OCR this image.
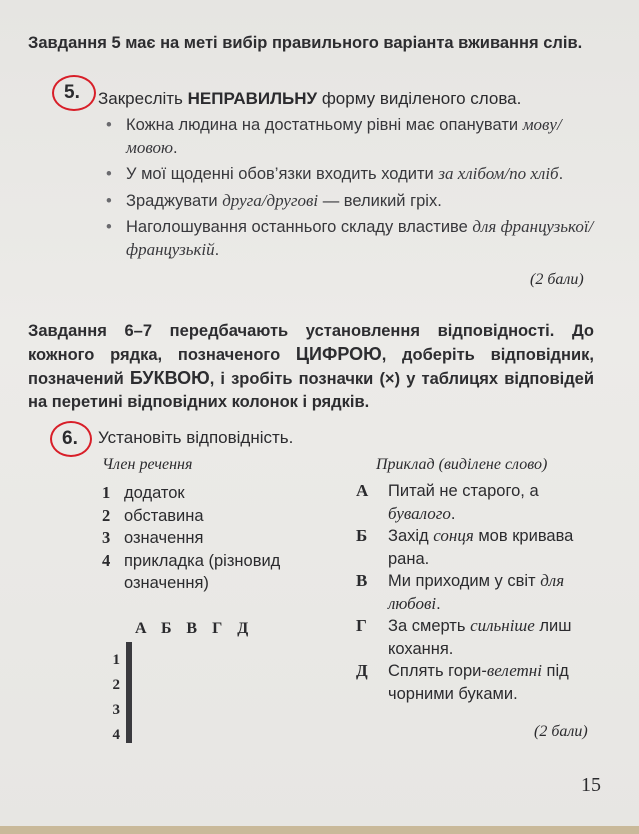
Завдання 5 має на меті вибір правильного варіанта вживання слів.
5. Закресліть НЕПРАВИЛЬНУ форму виділеного слова.
• Кожна людина на достатньому рівні має опанувати мову/мовою.
• У мої щоденні обов’язки входить ходити за хлібом/по хліб.
• Зраджувати друга/другові — великий гріх.
• Наголошування останнього складу властиве для французької/французькій.
(2 бали)
Завдання 6–7 передбачають установлення відповідності. До кожного рядка, позначеного ЦИФРОЮ, доберіть відповідник, позначений БУКВОЮ, і зробіть позначки (×) у таблицях відповідей на перетині відповідних колонок і рядків.
6. Установіть відповідність.
Член речення	Приклад (виділене слово)
1 додаток
2 обставина
3 означення
4 прикладка (різновид означення)
А	Питай не старого, а бувалого.
Б	Захід сонця мов кривава рана.
В	Ми приходим у світ для любові.
Г	За смерть сильніше лиш кохання.
Д	Сплять гори-велетні під чорними буками.
А Б В Г Д
1
2
3
4

					(2 бали)
15
